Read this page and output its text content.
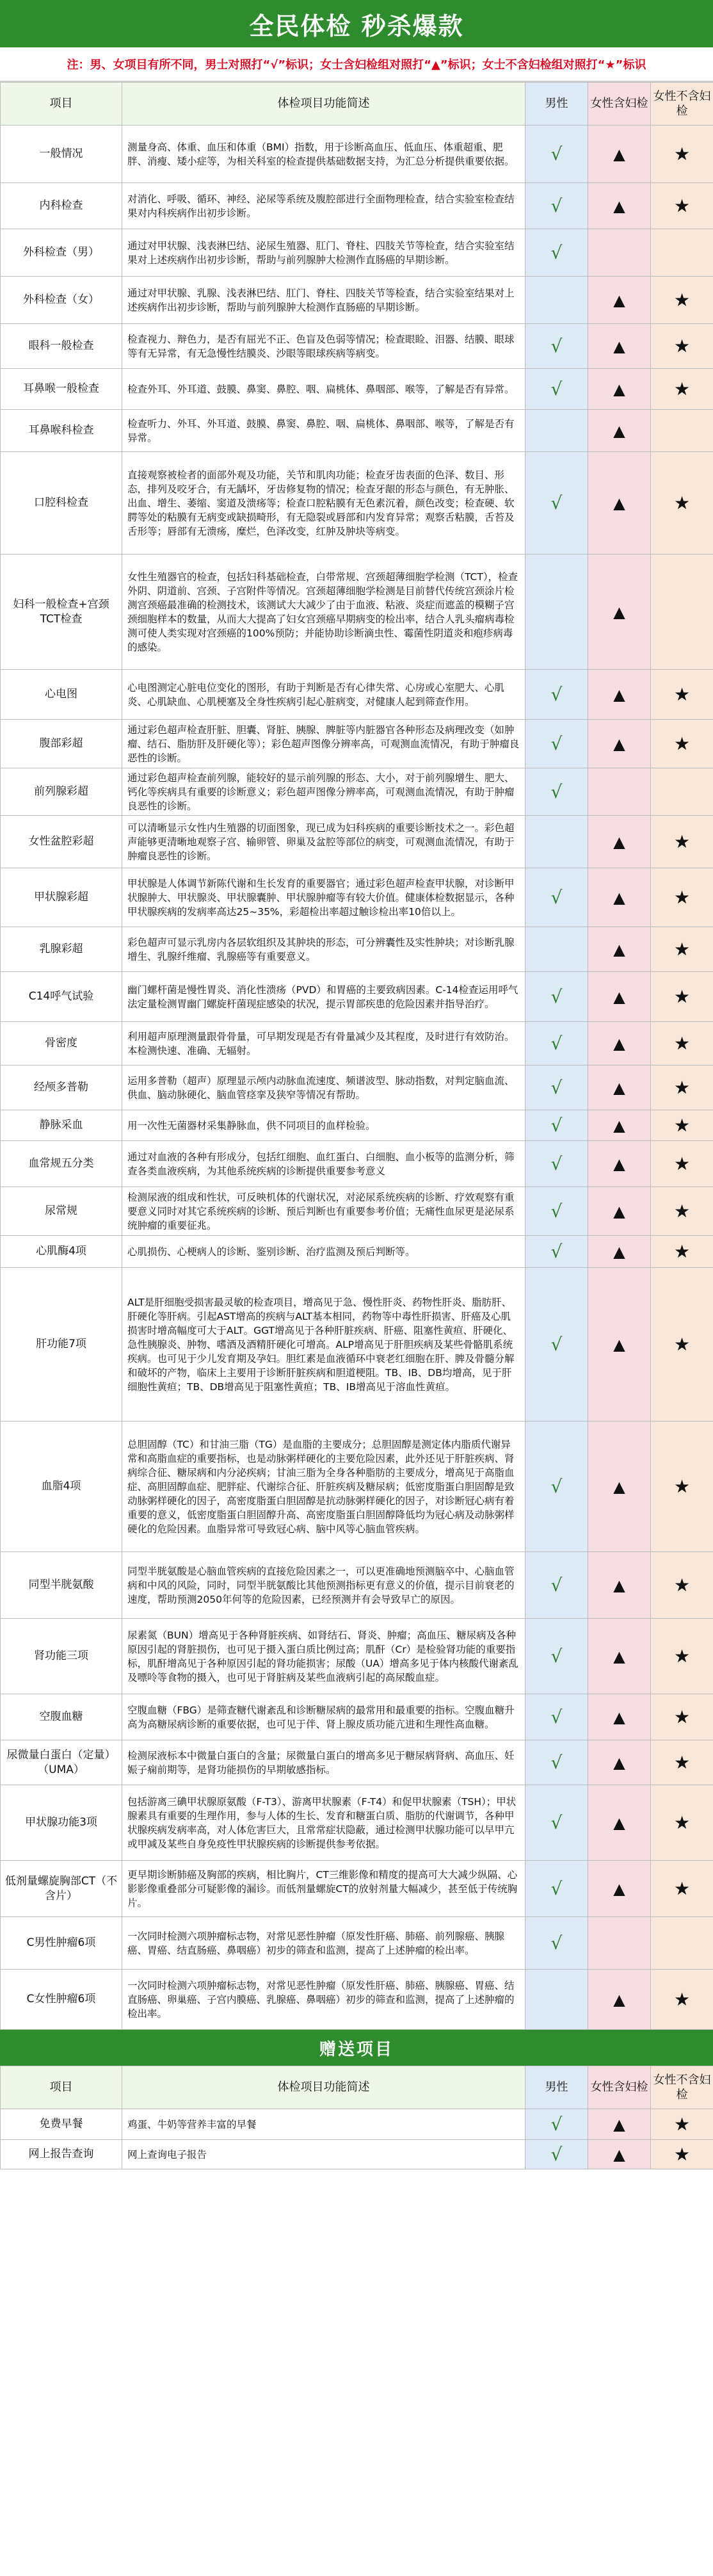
全民体检 秒杀爆款
注：男、女项目有所不同，男士对照打“√”标识；女士含妇检组对照打“▲”标识；女士不含妇检组对照打“★”标识
项目	体检项目功能简述	男性	女性含妇检	女性不含妇检
一般情况	测量身高、体重、血压和体重（BMI）指数，用于诊断高血压、低血压、体重超重、肥胖、消瘦、矮小症等，为相关科室的检查提供基础数据支持，为汇总分析提供重要依据。	√	▲	★
内科检查	对消化、呼吸、循环、神经、泌尿等系统及腹腔部进行全面物理检查，结合实验室检查结果对内科疾病作出初步诊断。	√	▲	★
外科检查（男）	通过对甲状腺、浅表淋巴结、泌尿生殖器、肛门、脊柱、四肢关节等检查，结合实验室结果对上述疾病作出初步诊断，帮助与前列腺肿大检测作直肠癌的早期诊断。	√		
外科检查（女）	通过对甲状腺、乳腺、浅表淋巴结、肛门、脊柱、四肢关节等检查，结合实验室结果对上述疾病作出初步诊断，帮助与前列腺肿大检测作直肠癌的早期诊断。		▲	★
眼科一般检查	检查视力、辩色力，是否有屈光不正、色盲及色弱等情况；检查眼睑、泪器、结膜、眼球等有无异常，有无急慢性结膜炎、沙眼等眼球疾病等病变。	√	▲	★
耳鼻喉一般检查	检查外耳、外耳道、鼓膜、鼻窦、鼻腔、咽、扁桃体、鼻咽部、喉等，了解是否有异常。	√	▲	★
耳鼻喉科检查	检查听力、外耳、外耳道、鼓膜、鼻窦、鼻腔、咽、扁桃体、鼻咽部、喉等，了解是否有异常。		▲	
口腔科检查	直接观察被检者的面部外观及功能，关节和肌肉功能；检查牙齿表面的色泽、数目、形态，排列及咬牙合，有无龋坏，牙齿修复物的情况；检查牙龈的形态与颜色，有无肿胀、出血、增生、萎缩、窦道及溃疡等；检查口腔粘膜有无色素沉着，颜色改变；检查硬、软腭等处的粘膜有无病变或缺损畸形，有无隐裂或唇部和内发育异常；观察舌粘膜，舌苔及舌形等；唇部有无溃疡，糜烂，色泽改变，红肿及肿块等病变。	√	▲	★
妇科一般检查+宫颈TCT检查	女性生殖器官的检查，包括妇科基础检查，白带常规、宫颈超薄细胞学检测（TCT），检查外阴、阴道前、宫颈、子宫附件等情况。宫颈超薄细胞学检测是目前替代传统宫颈涂片检测宫颈癌最准确的检测技术，该测试大大减少了由于血液、粘液、炎症而遮盖的模糊子宫颈细胞样本的数量，从而大大提高了妇女宫颈癌早期病变的检出率，结合人乳头瘤病毒检测可使人类实现对宫颈癌的100%预防；并能协助诊断滴虫性、霉菌性阴道炎和疱疹病毒的感染。		▲	
心电图	心电图测定心脏电位变化的图形，有助于判断是否有心律失常、心房或心室肥大、心肌炎、心肌缺血、心肌梗塞及全身性疾病引起心脏病变，对健康人起到筛查作用。	√	▲	★
腹部彩超	通过彩色超声检查肝脏、胆囊、肾脏、胰腺、脾脏等内脏器官各种形态及病理改变（如肿瘤、结石、脂肪肝及肝硬化等）；彩色超声图像分辨率高，可观测血流情况，有助于肿瘤良恶性的诊断。	√	▲	★
前列腺彩超	通过彩色超声检查前列腺，能较好的显示前列腺的形态、大小，对于前列腺增生、肥大、钙化等疾病具有重要的诊断意义；彩色超声图像分辨率高，可观测血流情况，有助于肿瘤良恶性的诊断。	√		
女性盆腔彩超	可以清晰显示女性内生殖器的切面图象，现已成为妇科疾病的重要诊断技术之一。彩色超声能够更清晰地观察子宫、输卵管、卵巢及盆腔等部位的病变，可观测血流情况，有助于肿瘤良恶性的诊断。		▲	★
甲状腺彩超	甲状腺是人体调节新陈代谢和生长发育的重要器官；通过彩色超声检查甲状腺，对诊断甲状腺肿大、甲状腺炎、甲状腺囊肿、甲状腺肿瘤等有较大价值。健康体检数据显示，各种甲状腺疾病的发病率高达25~35%，彩超检出率超过触诊检出率10倍以上。	√	▲	★
乳腺彩超	彩色超声可显示乳房内各层软组织及其肿块的形态，可分辨囊性及实性肿块；对诊断乳腺增生、乳腺纤维瘤、乳腺癌等有重要意义。		▲	★
C14呼气试验	幽门螺杆菌是慢性胃炎、消化性溃疡（PVD）和胃癌的主要致病因素。C-14检查运用呼气法定量检测胃幽门螺旋杆菌现症感染的状况，提示胃部疾患的危险因素并指导治疗。	√	▲	★
骨密度	利用超声原理测量跟骨骨量，可早期发现是否有骨量减少及其程度，及时进行有效防治。本检测快速、准确、无辐射。	√	▲	★
经颅多普勒	运用多普勒（超声）原理显示颅内动脉血流速度、频谱波型、脉动指数，对判定脑血流、供血、脑动脉硬化、脑血管痉挛及狭窄等情况有帮助。	√	▲	★
静脉采血	用一次性无菌器材采集静脉血，供不同项目的血样检验。	√	▲	★
血常规五分类	通过对血液的各种有形成分，包括红细胞、血红蛋白、白细胞、血小板等的监测分析，筛查各类血液疾病，为其他系统疾病的诊断提供重要参考意义	√	▲	★
尿常规	检测尿液的组成和性状，可反映机体的代谢状况，对泌尿系统疾病的诊断、疗效观察有重要意义同时对其它系统疾病的诊断、预后判断也有重要参考价值；无痛性血尿更是泌尿系统肿瘤的重要征兆。	√	▲	★
心肌酶4项	心肌损伤、心梗病人的诊断、鉴别诊断、治疗监测及预后判断等。	√	▲	★
肝功能7项	ALT是肝细胞受损害最灵敏的检查项目，增高见于急、慢性肝炎、药物性肝炎、脂肪肝、肝硬化等肝病。引起AST增高的疾病与ALT基本相同，药物等中毒性肝损害、肝癌及心肌损害时增高幅度可大于ALT。GGT增高见于各种肝脏疾病、肝癌、阻塞性黄疸、肝硬化、急性胰腺炎、肿物、嗜酒及酒精肝硬化可增高。ALP增高见于肝胆疾病及某些骨骼肌系统疾病。也可见于少儿发育期及孕妇。胆红素是血液循环中衰老红细胞在肝、脾及骨髓分解和破坏的产物，临床上主要用于诊断肝脏疾病和胆道梗阻。TB、IB、DB均增高，见于肝细胞性黄疸；TB、DB增高见于阻塞性黄疸；TB、IB增高见于溶血性黄疸。	√	▲	★
血脂4项	总胆固醇（TC）和甘油三脂（TG）是血脂的主要成分；总胆固醇是测定体内脂质代谢异常和高脂血症的重要指标，也是动脉粥样硬化的主要危险因素，此外还见于肝脏疾病、肾病综合征、糖尿病和内分泌疾病；甘油三脂为全身各种脂肪的主要成分，增高见于高脂血症、高胆固醇血症、肥胖症、代谢综合征、肝脏疾病及糖尿病；低密度脂蛋白胆固醇是致动脉粥样硬化的因子，高密度脂蛋白胆固醇是抗动脉粥样硬化的因子，对诊断冠心病有着重要的意义，低密度脂蛋白胆固醇升高、高密度脂蛋白胆固醇降低均为冠心病及动脉粥样硬化的危险因素。血脂异常可导致冠心病、脑中风等心脑血管疾病。	√	▲	★
同型半胱氨酸	同型半胱氨酸是心脑血管疾病的直接危险因素之一，可以更准确地预测脑卒中、心脑血管病和中风的风险，同时，同型半胱氨酸比其他预测指标更有意义的价值，提示目前衰老的速度，帮助预测2050年何等的危险因素，已经预测并有会导致早亡的原因。	√	▲	★
肾功能三项	尿素氮（BUN）增高见于各种肾脏疾病、如肾结石、肾炎、肿瘤；高血压、糖尿病及各种原因引起的肾脏损伤，也可见于摄入蛋白质比例过高；肌酐（Cr）是检验肾功能的重要指标，肌酐增高见于各种原因引起的肾功能损害；尿酸（UA）增高多见于体内核酸代谢紊乱及嘌呤等食物的摄入，也可见于肾脏病及某些血液病引起的高尿酸血症。	√	▲	★
空腹血糖	空腹血糖（FBG）是筛查糖代谢紊乱和诊断糖尿病的最常用和最重要的指标。空腹血糖升高为高糖尿病诊断的重要依据，也可见于伴、肾上腺皮质功能亢进和生理性高血糖。	√	▲	★
尿微量白蛋白（定量）（UMA）	检测尿液标本中微量白蛋白的含量；尿微量白蛋白的增高多见于糖尿病肾病、高血压、妊娠子痫前期等，是肾功能损伤的早期敏感指标。	√	▲	★
甲状腺功能3项	包括游离三碘甲状腺原氨酸（F-T3）、游离甲状腺素（F-T4）和促甲状腺素（TSH）；甲状腺素具有重要的生理作用，参与人体的生长、发育和糖蛋白质、脂肪的代谢调节，各种甲状腺疾病发病率高，对人体危害巨大，且常常症状隐蔽，通过检测甲状腺功能可以早甲亢或甲减及某些自身免疫性甲状腺疾病的诊断提供参考依据。	√	▲	★
低剂量螺旋胸部CT（不含片）	更早期诊断肺癌及胸部的疾病，相比胸片，CT三维影像和精度的提高可大大减少纵隔、心影影像重叠部分可疑影像的漏诊。而低剂量螺旋CT的放射剂量大幅减少，甚至低于传统胸片。	√	▲	★
C男性肿瘤6项	一次同时检测六项肿瘤标志物，对常见恶性肿瘤（原发性肝癌、肺癌、前列腺癌、胰腺癌、胃癌、结直肠癌、鼻咽癌）初步的筛查和监测，提高了上述肿瘤的检出率。	√		
C女性肿瘤6项	一次同时检测六项肿瘤标志物，对常见恶性肿瘤（原发性肝癌、肺癌、胰腺癌、胃癌、结直肠癌、卵巢癌、子宫内膜癌、乳腺癌、鼻咽癌）初步的筛查和监测，提高了上述肿瘤的检出率。		▲	★
赠送项目
项目	体检项目功能简述	男性	女性含妇检	女性不含妇检
免费早餐	鸡蛋、牛奶等营养丰富的早餐	√	▲	★
网上报告查询	网上查询电子报告	√	▲	★
